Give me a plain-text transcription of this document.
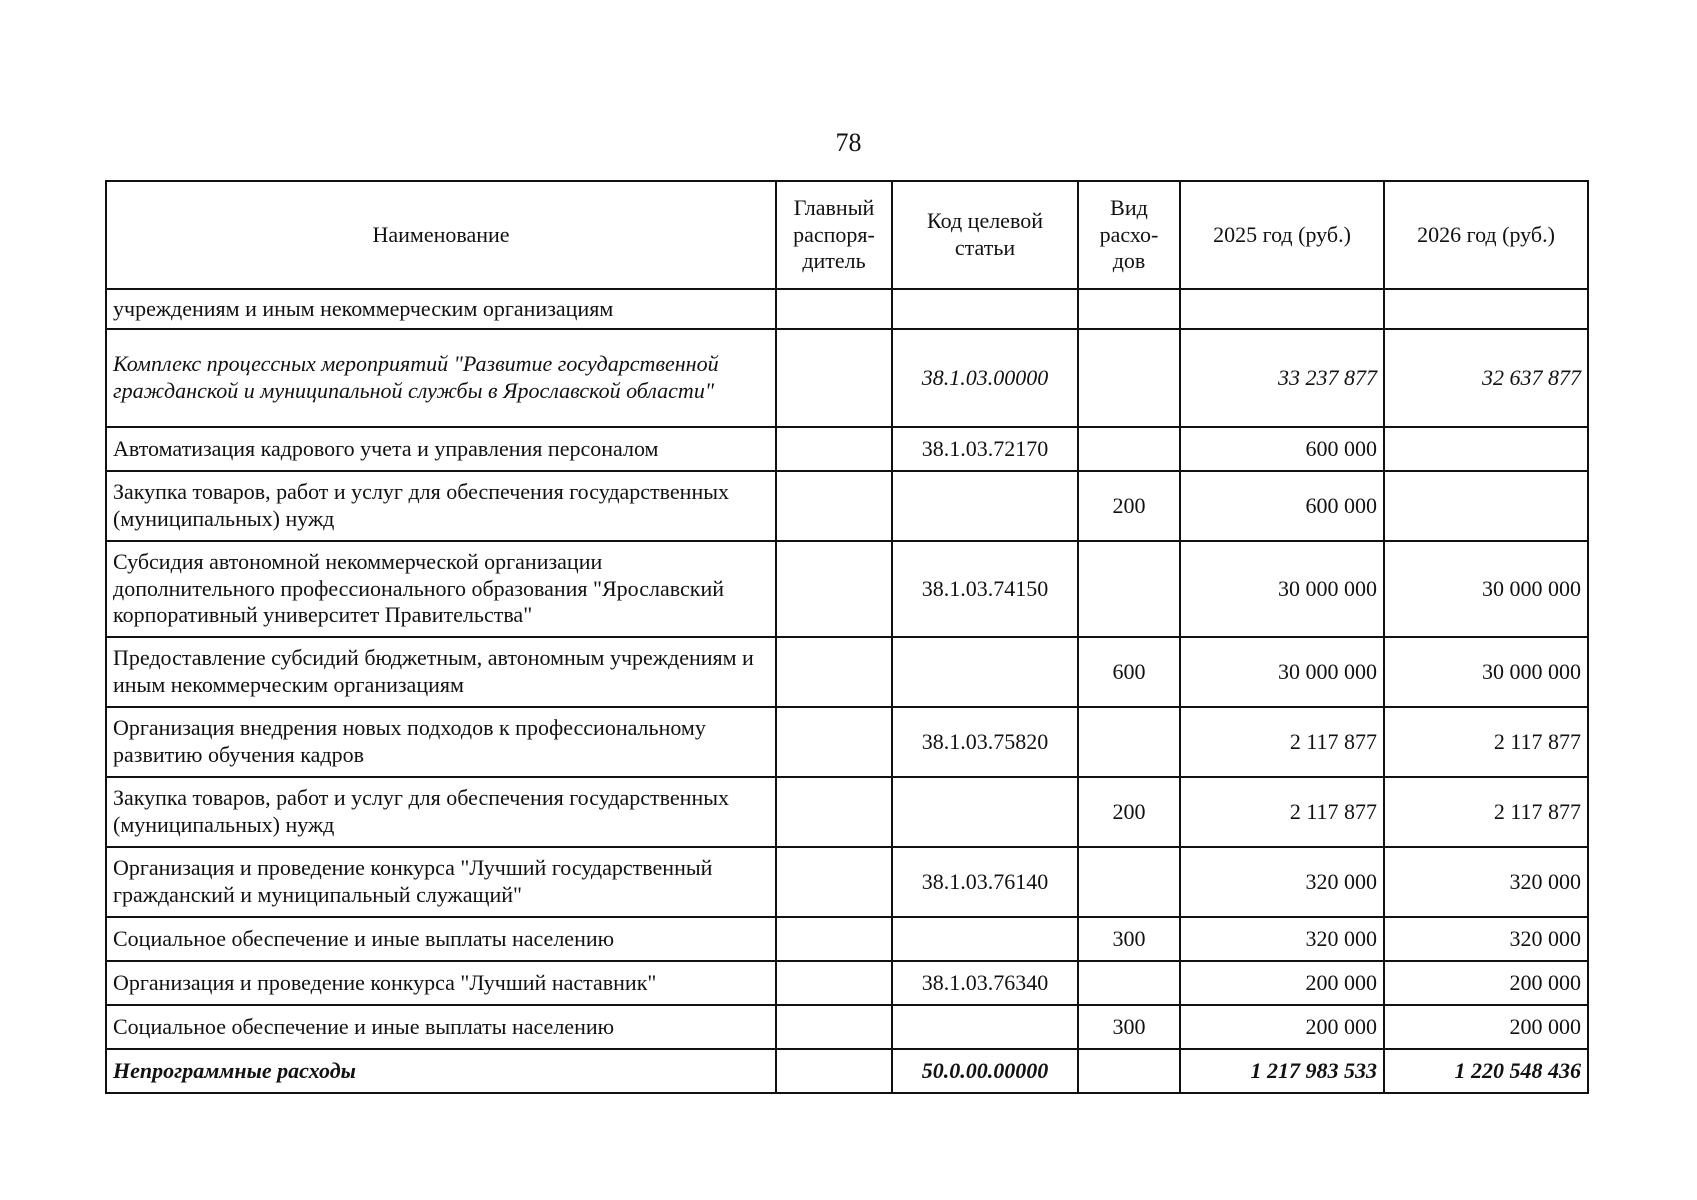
78
Наименование	Главный распоря-дитель	Код целевой статьи	Вид расхо-дов	2025 год (руб.)	2026 год (руб.)
учреждениям и иным некоммерческим организациям					
Комплекс процессных мероприятий "Развитие государственной гражданской и муниципальной службы в Ярославской области"		38.1.03.00000		33 237 877	32 637 877
Автоматизация кадрового учета и управления персоналом		38.1.03.72170		600 000	
Закупка товаров, работ и услуг для обеспечения государственных (муниципальных) нужд			200	600 000	
Субсидия автономной некоммерческой организации дополнительного профессионального образования "Ярославский корпоративный университет Правительства"		38.1.03.74150		30 000 000	30 000 000
Предоставление субсидий бюджетным, автономным учреждениям и иным некоммерческим организациям			600	30 000 000	30 000 000
Организация внедрения новых подходов к профессиональному развитию обучения кадров		38.1.03.75820		2 117 877	2 117 877
Закупка товаров, работ и услуг для обеспечения государственных (муниципальных) нужд			200	2 117 877	2 117 877
Организация и проведение конкурса "Лучший государственный гражданский и муниципальный служащий"		38.1.03.76140		320 000	320 000
Социальное обеспечение и иные выплаты населению			300	320 000	320 000
Организация и проведение конкурса "Лучший наставник"		38.1.03.76340		200 000	200 000
Социальное обеспечение и иные выплаты населению			300	200 000	200 000
Непрограммные расходы		50.0.00.00000		1 217 983 533	1 220 548 436
